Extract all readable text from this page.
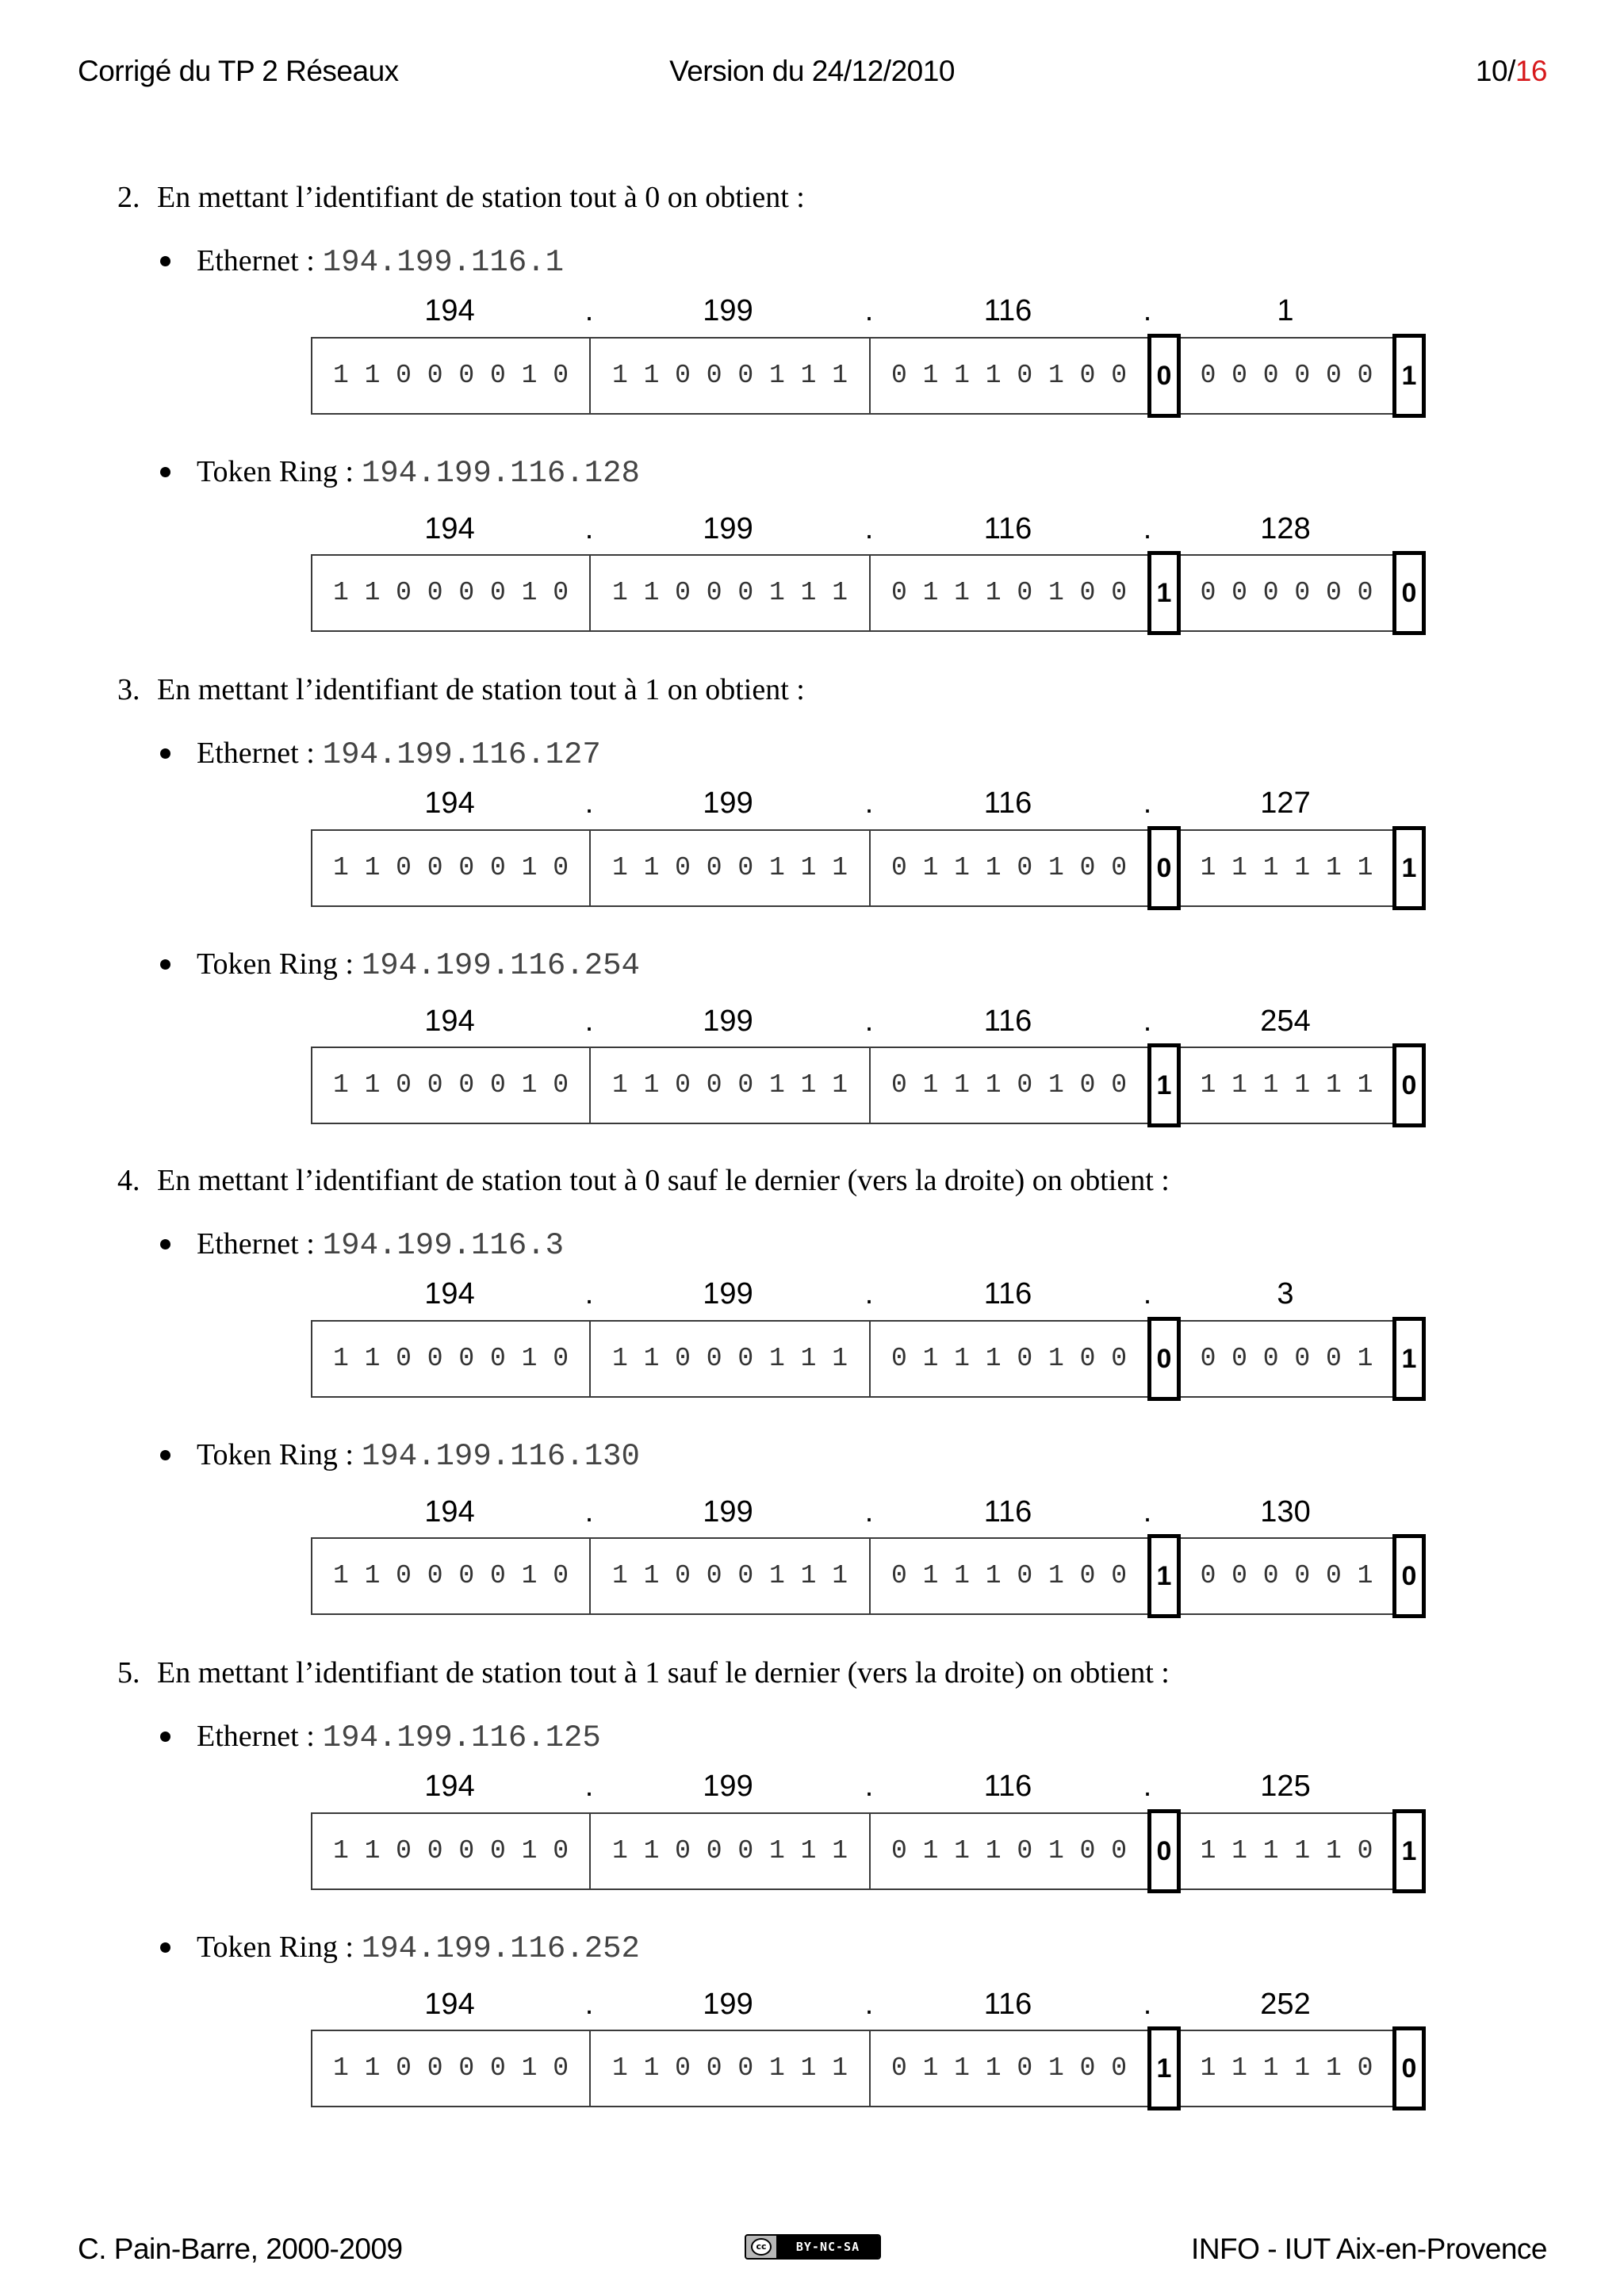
Corrigé du TP 2 Réseaux	Version du 24/12/2010	10/16
C. Pain-Barre, 2000-2009	cc	BY-NC-SA	INFO - IUT Aix-en-Provence
2. En mettant l’identifiant de station tout à 0 on obtient :
Ethernet : 194.199.116.1
194	.	199	.	116	.	1
1 1 0 0 0 0 1 0	1 1 0 0 0 1 1 1	0 1 1 1 0 1 0 0	0	0 0 0 0 0 0	1
Token Ring : 194.199.116.128
194	.	199	.	116	.	128
1 1 0 0 0 0 1 0	1 1 0 0 0 1 1 1	0 1 1 1 0 1 0 0	1	0 0 0 0 0 0	0
3. En mettant l’identifiant de station tout à 1 on obtient :
Ethernet : 194.199.116.127
194	.	199	.	116	.	127
1 1 0 0 0 0 1 0	1 1 0 0 0 1 1 1	0 1 1 1 0 1 0 0	0	1 1 1 1 1 1	1
Token Ring : 194.199.116.254
194	.	199	.	116	.	254
1 1 0 0 0 0 1 0	1 1 0 0 0 1 1 1	0 1 1 1 0 1 0 0	1	1 1 1 1 1 1	0
4. En mettant l’identifiant de station tout à 0 sauf le dernier (vers la droite) on obtient :
Ethernet : 194.199.116.3
194	.	199	.	116	.	3
1 1 0 0 0 0 1 0	1 1 0 0 0 1 1 1	0 1 1 1 0 1 0 0	0	0 0 0 0 0 1	1
Token Ring : 194.199.116.130
194	.	199	.	116	.	130
1 1 0 0 0 0 1 0	1 1 0 0 0 1 1 1	0 1 1 1 0 1 0 0	1	0 0 0 0 0 1	0
5. En mettant l’identifiant de station tout à 1 sauf le dernier (vers la droite) on obtient :
Ethernet : 194.199.116.125
194	.	199	.	116	.	125
1 1 0 0 0 0 1 0	1 1 0 0 0 1 1 1	0 1 1 1 0 1 0 0	0	1 1 1 1 1 0	1
Token Ring : 194.199.116.252
194	.	199	.	116	.	252
1 1 0 0 0 0 1 0	1 1 0 0 0 1 1 1	0 1 1 1 0 1 0 0	1	1 1 1 1 1 0	0
